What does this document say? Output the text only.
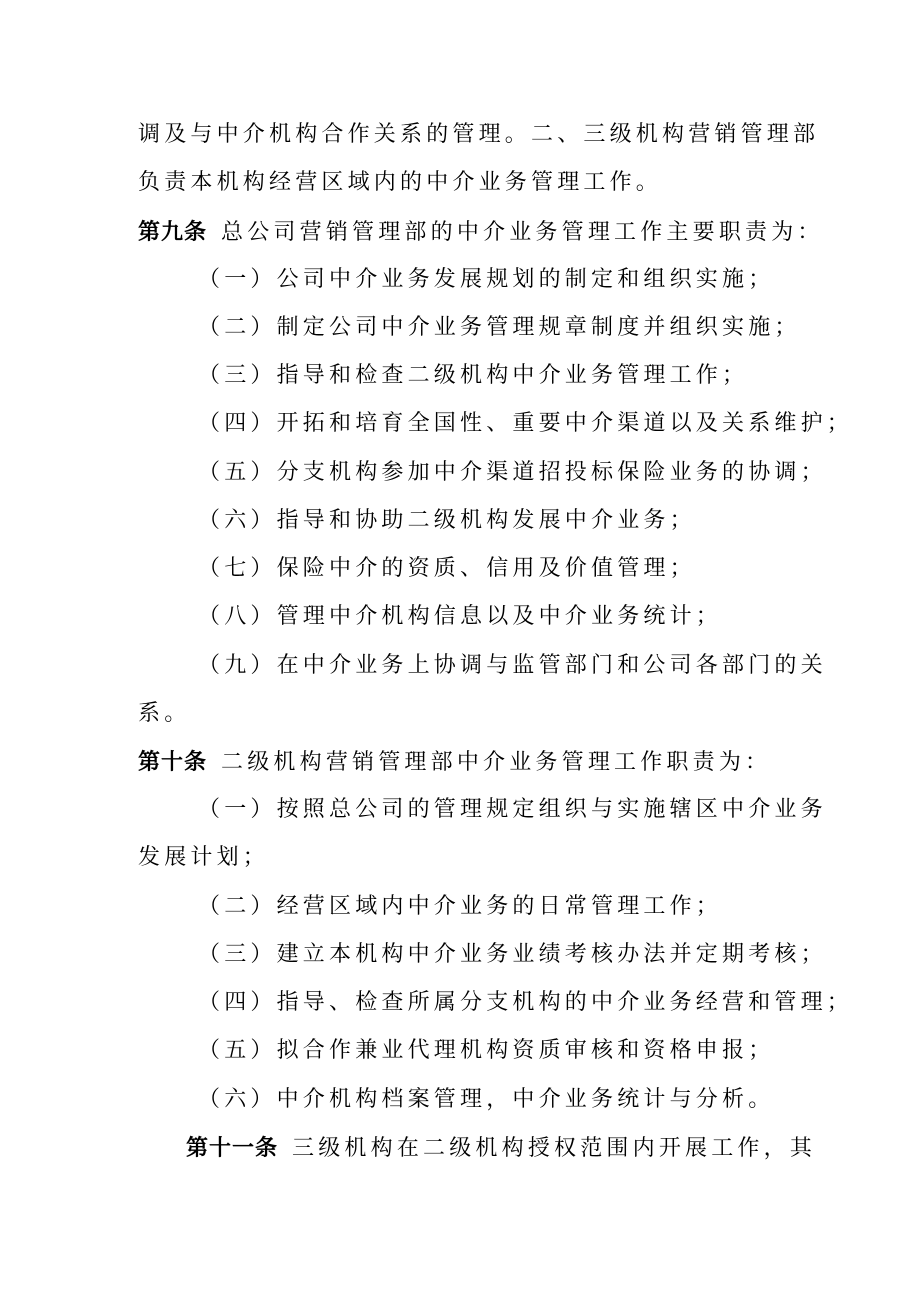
调及与中介机构合作关系的管理。二、三级机构营销管理部
负责本机构经营区域内的中介业务管理工作。
第九条 总公司营销管理部的中介业务管理工作主要职责为：
（一）公司中介业务发展规划的制定和组织实施；
（二）制定公司中介业务管理规章制度并组织实施；
（三）指导和检查二级机构中介业务管理工作；
（四）开拓和培育全国性、重要中介渠道以及关系维护；
（五）分支机构参加中介渠道招投标保险业务的协调；
（六）指导和协助二级机构发展中介业务；
（七）保险中介的资质、信用及价值管理；
（八）管理中介机构信息以及中介业务统计；
（九）在中介业务上协调与监管部门和公司各部门的关
系。
第十条 二级机构营销管理部中介业务管理工作职责为：
（一）按照总公司的管理规定组织与实施辖区中介业务
发展计划；
（二）经营区域内中介业务的日常管理工作；
（三）建立本机构中介业务业绩考核办法并定期考核；
（四）指导、检查所属分支机构的中介业务经营和管理；
（五）拟合作兼业代理机构资质审核和资格申报；
（六）中介机构档案管理，中介业务统计与分析。
第十一条 三级机构在二级机构授权范围内开展工作，其
